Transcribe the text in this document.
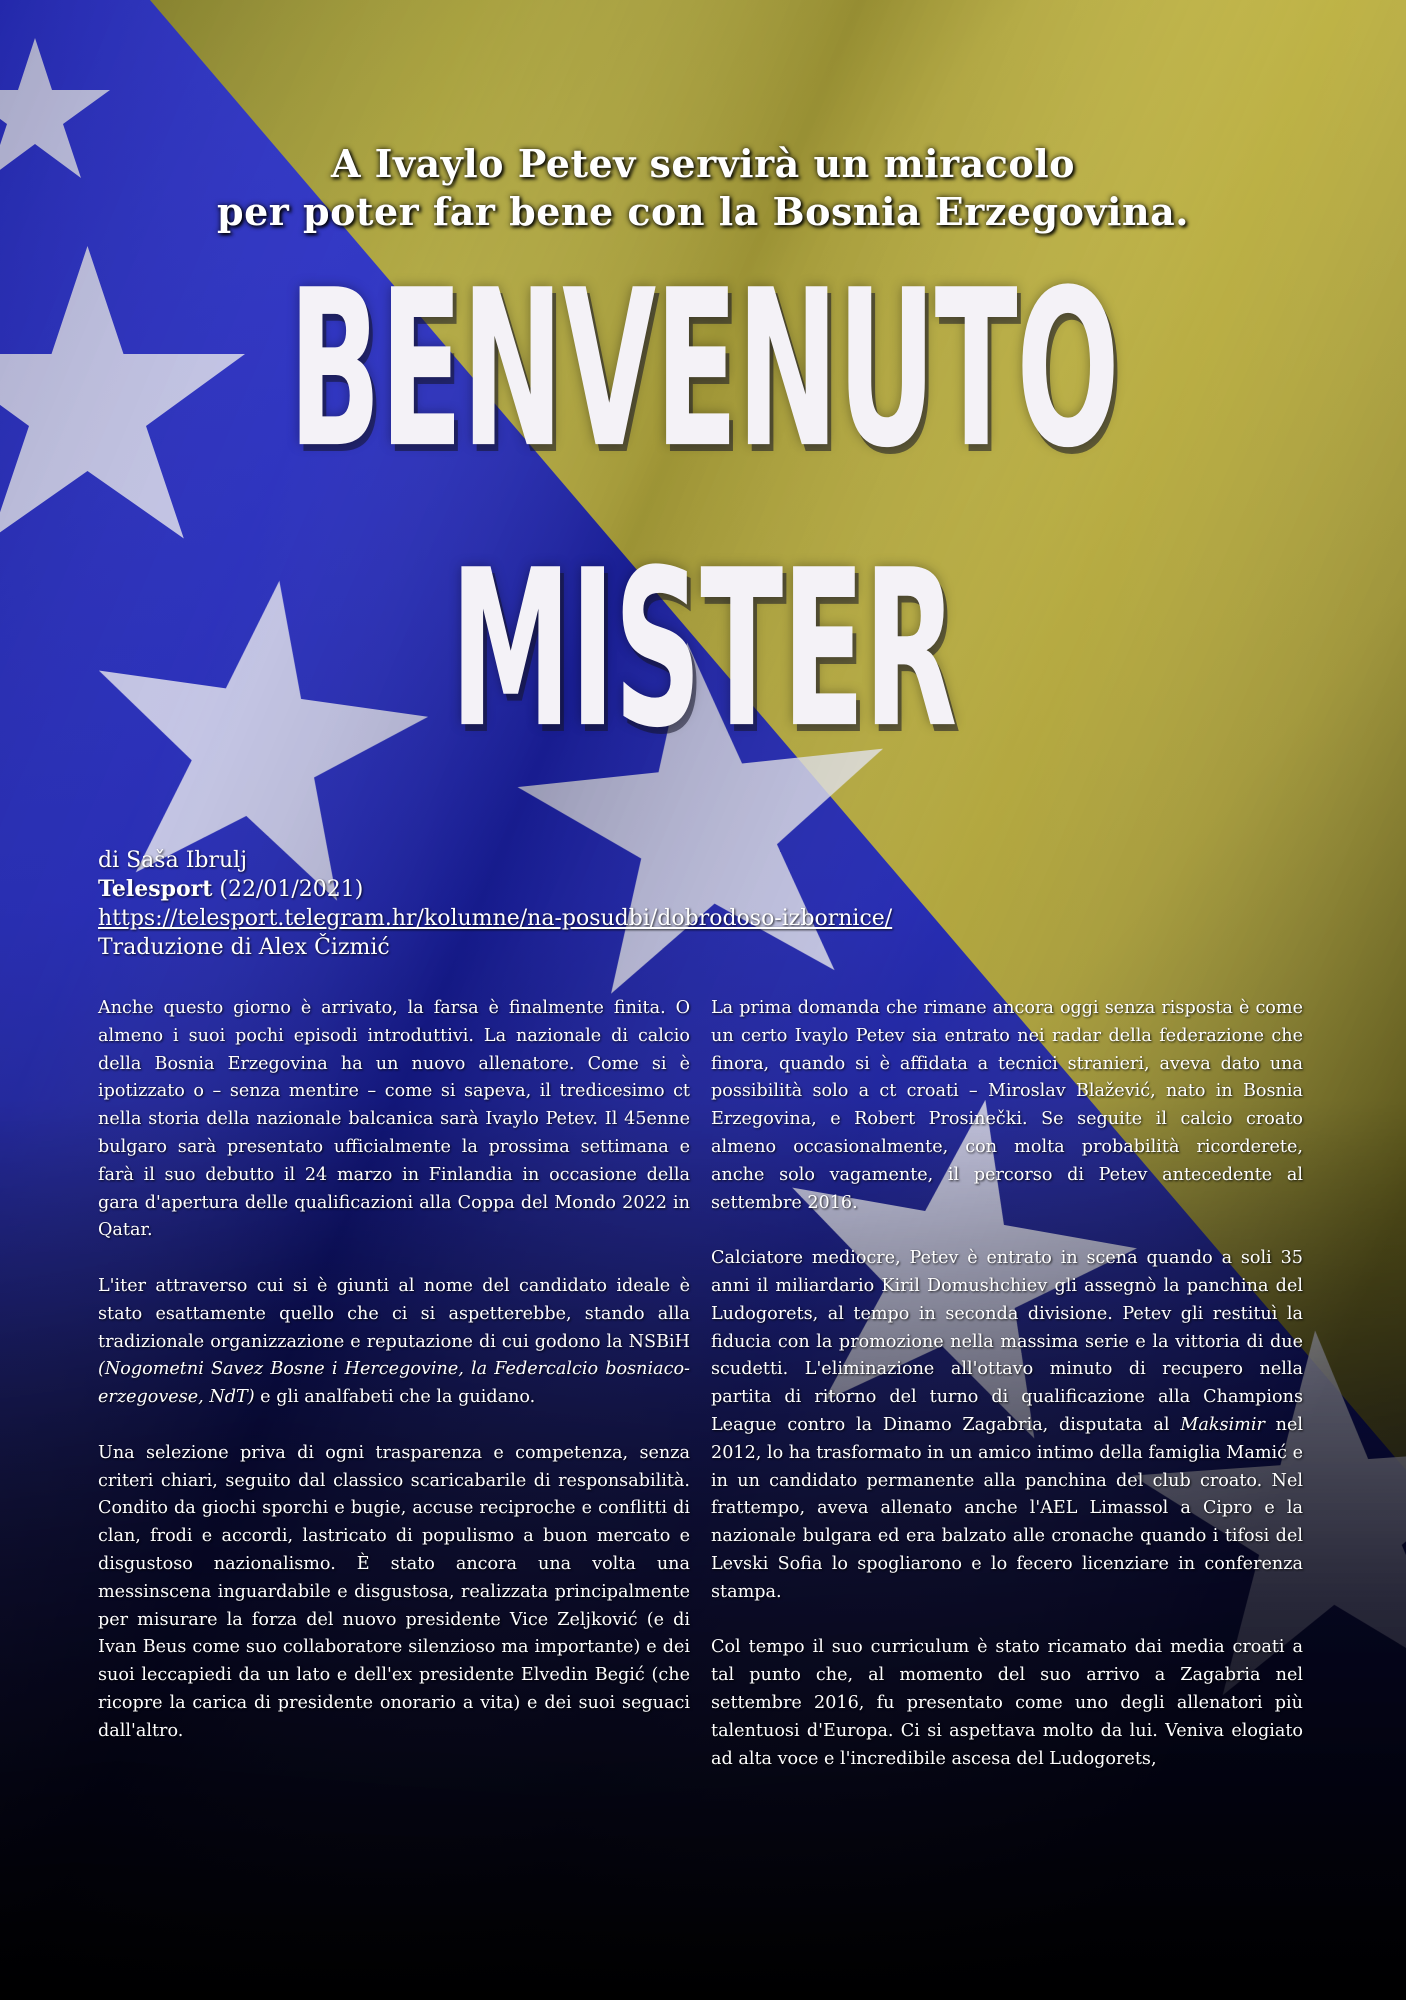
A Ivaylo Petev servirà un miracolo
per poter far bene con la Bosnia Erzegovina.
BENVENUTO
MISTER
di Saša Ibrulj
Telesport (22/01/2021)
https://telesport.telegram.hr/kolumne/na-posudbi/dobrodoso-izbornice/
Traduzione di Alex Čizmić

Anche questo giorno è arrivato, la farsa è finalmente finita. O almeno i suoi pochi episodi introduttivi. La nazionale di calcio della Bosnia Erzegovina ha un nuovo allenatore. Come si è ipotizzato o – senza mentire – come si sapeva, il tredicesimo ct nella storia della nazionale balcanica sarà Ivaylo Petev. Il 45enne bulgaro sarà presentato ufficialmente la prossima settimana e farà il suo debutto il 24 marzo in Finlandia in occasione della gara d'apertura delle qualificazioni alla Coppa del Mondo 2022 in Qatar.

L'iter attraverso cui si è giunti al nome del candidato ideale è stato esattamente quello che ci si aspetterebbe, stando alla tradizionale organizzazione e reputazione di cui godono la NSBiH (Nogometni Savez Bosne i Hercegovine, la Federcalcio bosniaco-erzegovese, NdT) e gli analfabeti che la guidano.

Una selezione priva di ogni trasparenza e competenza, senza criteri chiari, seguito dal classico scaricabarile di responsabilità. Condito da giochi sporchi e bugie, accuse reciproche e conflitti di clan, frodi e accordi, lastricato di populismo a buon mercato e disgustoso nazionalismo. È stato ancora una volta una messinscena inguardabile e disgustosa, realizzata principalmente per misurare la forza del nuovo presidente Vice Zeljković (e di Ivan Beus come suo collaboratore silenzioso ma importante) e dei suoi leccapiedi da un lato e dell'ex presidente Elvedin Begić (che ricopre la carica di presidente onorario a vita) e dei suoi seguaci dall'altro.

La prima domanda che rimane ancora oggi senza risposta è come un certo Ivaylo Petev sia entrato nei radar della federazione che finora, quando si è affidata a tecnici stranieri, aveva dato una possibilità solo a ct croati – Miroslav Blažević, nato in Bosnia Erzegovina, e Robert Prosinečki. Se seguite il calcio croato almeno occasionalmente, con molta probabilità ricorderete, anche solo vagamente, il percorso di Petev antecedente al settembre 2016.

Calciatore mediocre, Petev è entrato in scena quando a soli 35 anni il miliardario Kiril Domushchiev gli assegnò la panchina del Ludogorets, al tempo in seconda divisione. Petev gli restituì la fiducia con la promozione nella massima serie e la vittoria di due scudetti. L'eliminazione all'ottavo minuto di recupero nella partita di ritorno del turno di qualificazione alla Champions League contro la Dinamo Zagabria, disputata al Maksimir nel 2012, lo ha trasformato in un amico intimo della famiglia Mamić e in un candidato permanente alla panchina del club croato. Nel frattempo, aveva allenato anche l'AEL Limassol a Cipro e la nazionale bulgara ed era balzato alle cronache quando i tifosi del Levski Sofia lo spogliarono e lo fecero licenziare in conferenza stampa.

Col tempo il suo curriculum è stato ricamato dai media croati a tal punto che, al momento del suo arrivo a Zagabria nel settembre 2016, fu presentato come uno degli allenatori più talentuosi d'Europa. Ci si aspettava molto da lui. Veniva elogiato ad alta voce e l'incredibile ascesa del Ludogorets,
